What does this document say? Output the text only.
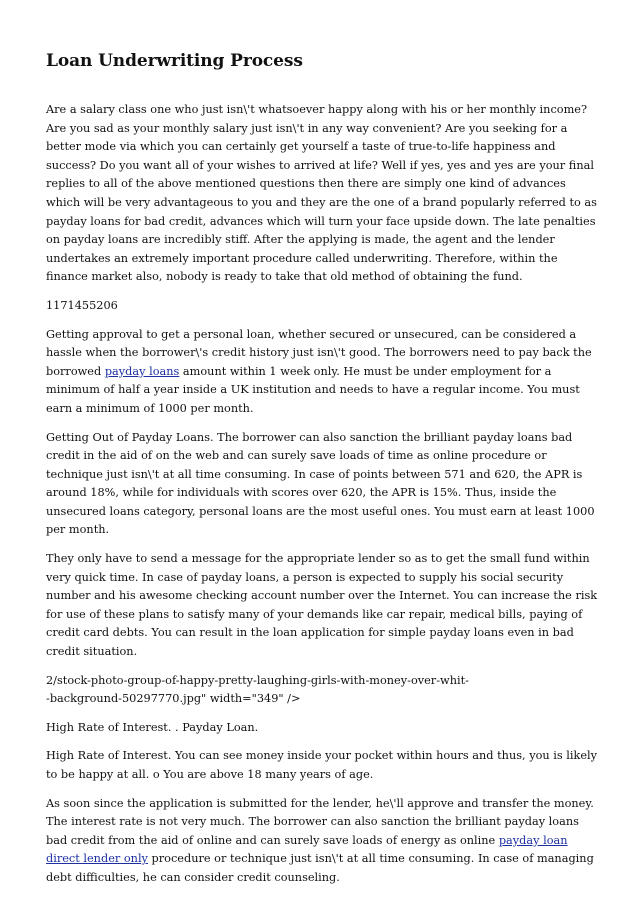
Loan Underwriting Process

Are a salary class one who just isn\'t whatsoever happy along with his or her monthly income? Are you sad as your monthly salary just isn\'t in any way convenient? Are you seeking for a better mode via which you can certainly get yourself a taste of true-to-life happiness and success? Do you want all of your wishes to arrived at life? Well if yes, yes and yes are your final replies to all of the above mentioned questions then there are simply one kind of advances which will be very advantageous to you and they are the one of a brand popularly referred to as payday loans for bad credit, advances which will turn your face upside down. The late penalties on payday loans are incredibly stiff. After the applying is made, the agent and the lender undertakes an extremely important procedure called underwriting. Therefore, within the finance market also, nobody is ready to take that old method of obtaining the fund.

1171455206

Getting approval to get a personal loan, whether secured or unsecured, can be considered a hassle when the borrower\'s credit history just isn\'t good. The borrowers need to pay back the borrowed payday loans amount within 1 week only. He must be under employment for a minimum of half a year inside a UK institution and needs to have a regular income. You must earn a minimum of 1000 per month.

Getting Out of Payday Loans. The borrower can also sanction the brilliant payday loans bad credit in the aid of on the web and can surely save loads of time as online procedure or technique just isn\'t at all time consuming. In case of points between 571 and 620, the APR is around 18%, while for individuals with scores over 620, the APR is 15%. Thus, inside the unsecured loans category, personal loans are the most useful ones. You must earn at least 1000 per month.

They only have to send a message for the appropriate lender so as to get the small fund within very quick time. In case of payday loans, a person is expected to supply his social security number and his awesome checking account number over the Internet. You can increase the risk for use of these plans to satisfy many of your demands like car repair, medical bills, paying of credit card debts. You can result in the loan application for simple payday loans even in bad credit situation.

2/stock-photo-group-of-happy-pretty-laughing-girls-with-money-over-whit-
-background-50297770.jpg" width="349" />

High Rate of Interest. . Payday Loan.

High Rate of Interest. You can see money inside your pocket within hours and thus, you is likely to be happy at all. o You are above 18 many years of age.

As soon since the application is submitted for the lender, he\'ll approve and transfer the money. The interest rate is not very much. The borrower can also sanction the brilliant payday loans bad credit from the aid of online and can surely save loads of energy as online payday loan direct lender only procedure or technique just isn\'t at all time consuming. In case of managing debt difficulties, he can consider credit counseling.
